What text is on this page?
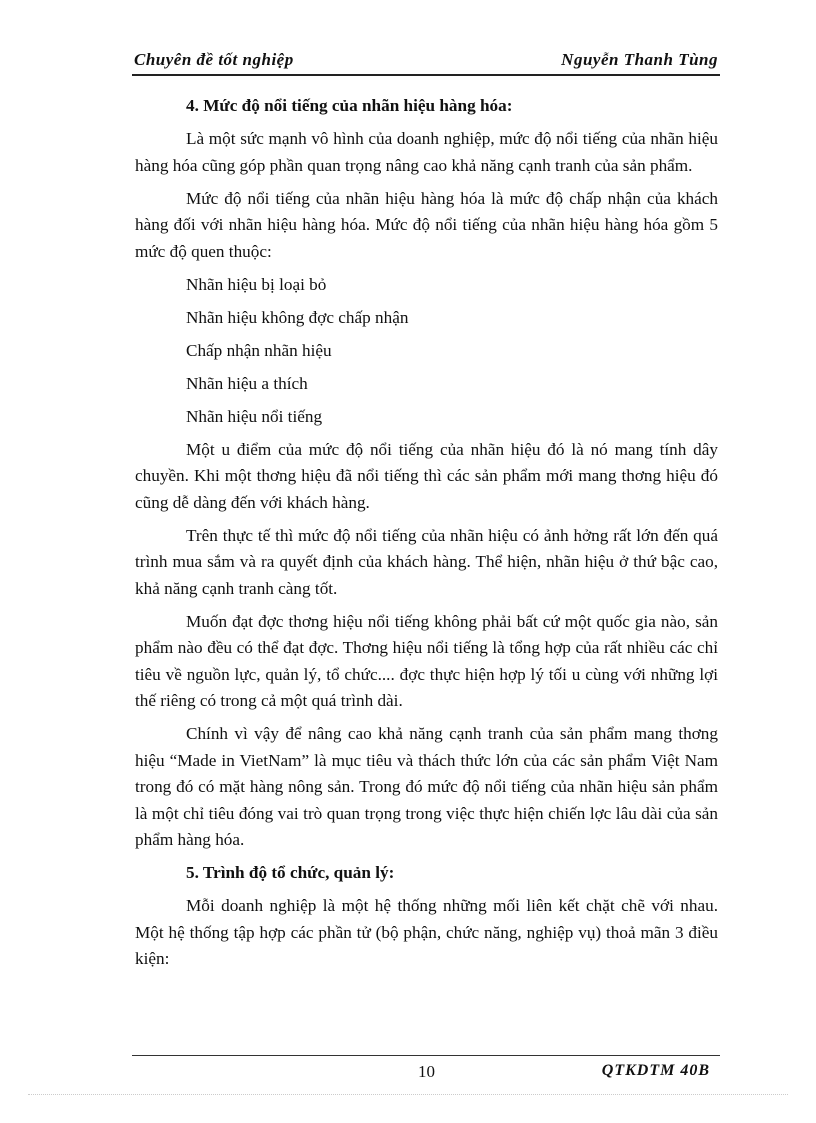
Chuyên đề tốt nghiệp	Nguyễn Thanh Tùng
4. Mức độ nổi tiếng của nhãn hiệu hàng hóa:

Là một sức mạnh vô hình của doanh nghiệp, mức độ nổi tiếng của nhãn hiệu hàng hóa cũng góp phần quan trọng nâng cao khả năng cạnh tranh của sản phẩm.

Mức độ nổi tiếng của nhãn hiệu hàng hóa là mức độ chấp nhận của khách hàng đối với nhãn hiệu hàng hóa. Mức độ nổi tiếng của nhãn hiệu hàng hóa gồm 5 mức độ quen thuộc:

Nhãn hiệu bị loại bỏ
Nhãn hiệu không đợc chấp nhận
Chấp nhận nhãn hiệu
Nhãn hiệu a thích
Nhãn hiệu nổi tiếng

Một u điểm của mức độ nổi tiếng của nhãn hiệu đó là nó mang tính dây chuyền. Khi một thơng hiệu đã nổi tiếng thì các sản phẩm mới mang thơng hiệu đó cũng dễ dàng đến với khách hàng.

Trên thực tế thì mức độ nổi tiếng của nhãn hiệu có ảnh hởng rất lớn đến quá trình mua sắm và ra quyết định của khách hàng. Thể hiện, nhãn hiệu ở thứ bậc cao, khả năng cạnh tranh càng tốt.

Muốn đạt đợc thơng hiệu nổi tiếng không phải bất cứ một quốc gia nào, sản phẩm nào đều có thể đạt đợc. Thơng hiệu nổi tiếng là tổng hợp của rất nhiều các chỉ tiêu về nguồn lực, quản lý, tổ chức.... đợc thực hiện hợp lý tối u cùng với những lợi thế riêng có trong cả một quá trình dài.

Chính vì vậy để nâng cao khả năng cạnh tranh của sản phẩm mang thơng hiệu “Made in VietNam” là mục tiêu và thách thức lớn của các sản phẩm Việt Nam trong đó có mặt hàng nông sản. Trong đó mức độ nổi tiếng của nhãn hiệu sản phẩm là một chỉ tiêu đóng vai trò quan trọng trong việc thực hiện chiến lợc lâu dài của sản phẩm hàng hóa.

5. Trình độ tổ chức, quản lý:

Mỗi doanh nghiệp là một hệ thống những mối liên kết chặt chẽ với nhau. Một hệ thống tập hợp các phần tử (bộ phận, chức năng, nghiệp vụ) thoả mãn 3 điều kiện:

10	QTKDTM 40B
